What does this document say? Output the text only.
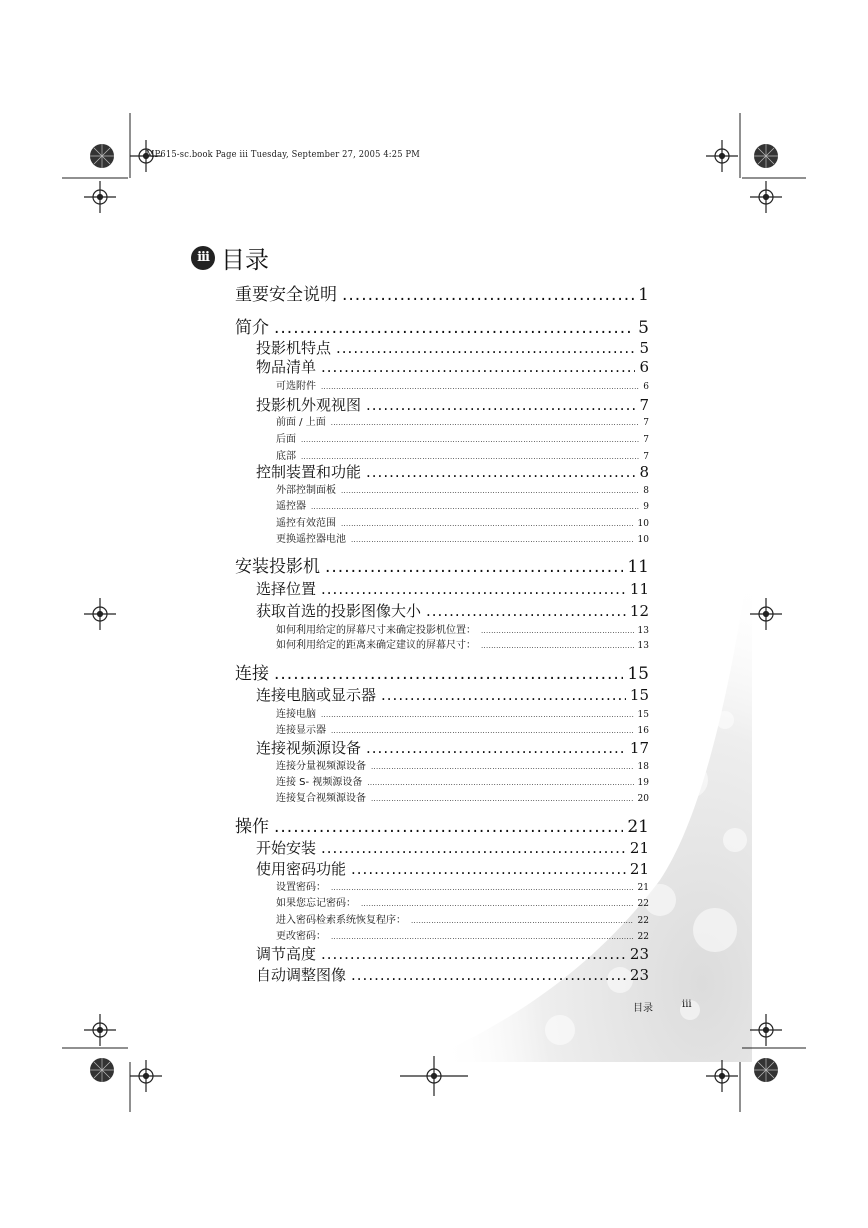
MP615-sc.book Page iii Tuesday, September 27, 2005 4:25 PM
iii 目录
重要安全说明 .....	1
简介 .....	5
投影机特点 .....	5
物品清单 .....	6
可选附件 .....	6
投影机外观视图 .....	7
前面 / 上面 .....	7
后面 .....	7
底部 .....	7
控制装置和功能 .....	8
外部控制面板 .....	8
遥控器 .....	9
遥控有效范围 .....	10
更换遥控器电池 .....	10
安装投影机 .....	11
选择位置 .....	11
获取首选的投影图像大小 .....	12
如何利用给定的屏幕尺寸来确定投影机位置： .....	13
如何利用给定的距离来确定建议的屏幕尺寸： .....	13
连接 .....	15
连接电脑或显示器 .....	15
连接电脑 .....	15
连接显示器 .....	16
连接视频源设备 .....	17
连接分量视频源设备 .....	18
连接 S- 视频源设备 .....	19
连接复合视频源设备 .....	20
操作 .....	21
开始安装 .....	21
使用密码功能 .....	21
设置密码： .....	21
如果您忘记密码： .....	22
进入密码检索系统恢复程序： .....	22
更改密码： .....	22
调节高度 .....	23
自动调整图像 .....	23
目录	iii
